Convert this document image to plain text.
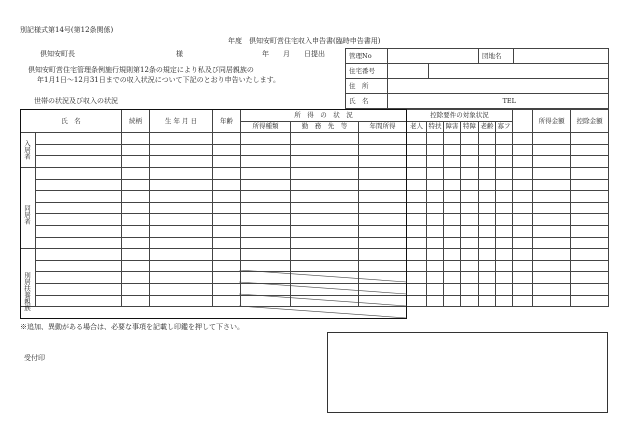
別記様式第14号(第12条関係)
年度　倶知安町営住宅収入申告書(臨時申告書用)
倶知安町長	様	年　　月　　日提出
倶知安町営住宅管理条例施行規則第12条の規定により私及び同居親族の
年1月1日〜12月31日までの収入状況について下記のとおり申告いたします。
世帯の状況及び収入の状況
管理No			団地名	
住宅番号				
住　所				
氏　名	TEL			
氏　名		続柄	生 年 月 日	年齢	所　得　の　状　況			控除要件の対象状況							所得金額	控除金額
					所得種類	勤　務　先　等	年間所得	老人	特扶	障害	特障	老齢	寡フ			

入居者
同居者
別居扶養親族
※追加、異動がある場合は、必要な事項を記載し印鑑を押して下さい。
受付印
